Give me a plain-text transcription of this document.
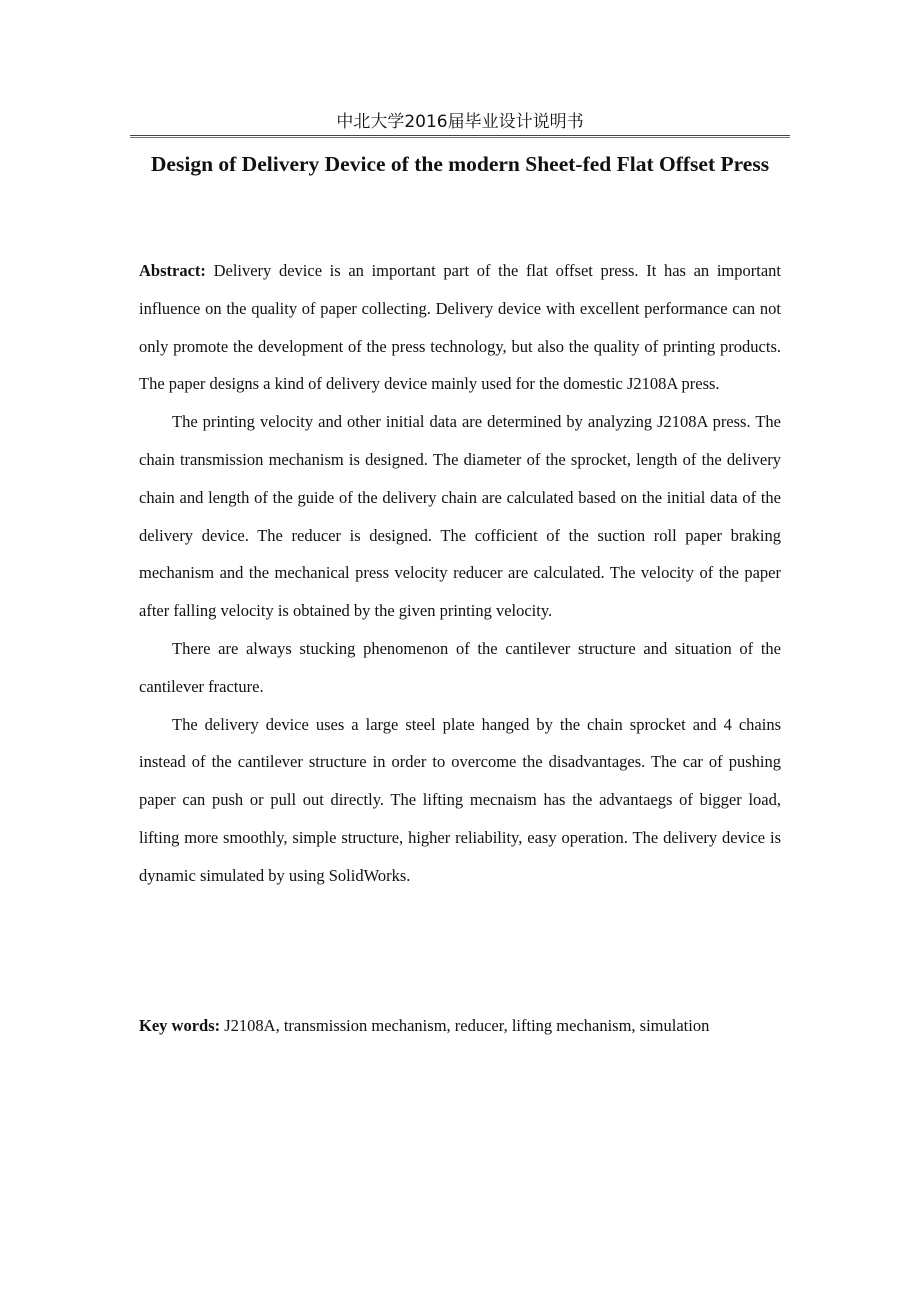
中北大学2016届毕业设计说明书
Design of Delivery Device of the modern Sheet-fed Flat Offset Press

Abstract: Delivery device is an important part of the flat offset press. It has an important influence on the quality of paper collecting. Delivery device with excellent performance can not only promote the development of the press technology, but also the quality of printing products. The paper designs a kind of delivery device mainly used for the domestic J2108A press.

The printing velocity and other initial data are determined by analyzing J2108A press. The chain transmission mechanism is designed. The diameter of the sprocket, length of the delivery chain and length of the guide of the delivery chain are calculated based on the initial data of the delivery device. The reducer is designed. The cofficient of the suction roll paper braking mechanism and the mechanical press velocity reducer are calculated. The velocity of the paper after falling velocity is obtained by the given printing velocity.

There are always stucking phenomenon of the cantilever structure and situation of the cantilever fracture.

The delivery device uses a large steel plate hanged by the chain sprocket and 4 chains instead of the cantilever structure in order to overcome the disadvantages. The car of pushing paper can push or pull out directly. The lifting mecnaism has the advantaegs of bigger load, lifting more smoothly, simple structure, higher reliability, easy operation. The delivery device is dynamic simulated by using SolidWorks.

Key words: J2108A, transmission mechanism, reducer, lifting mechanism, simulation
